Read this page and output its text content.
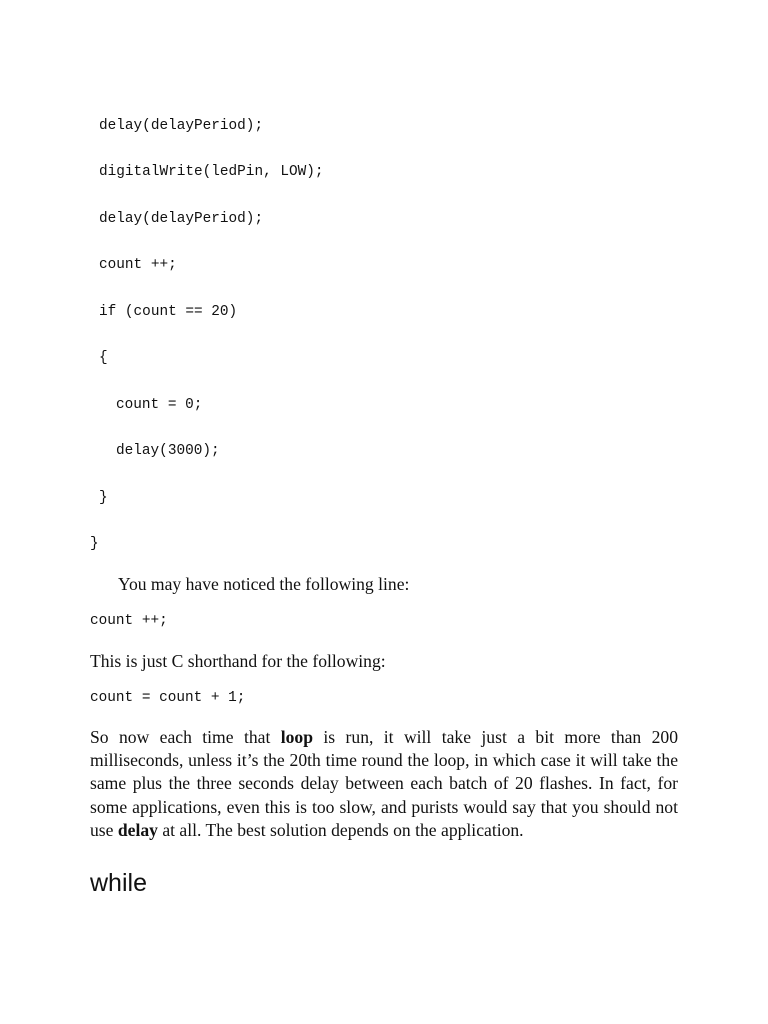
delay(delayPeriod);
digitalWrite(ledPin, LOW);
delay(delayPeriod);
count ++;
if (count == 20)
{
count = 0;
delay(3000);
}
}
You may have noticed the following line:
count ++;
This is just C shorthand for the following:
count = count + 1;
So now each time that loop is run, it will take just a bit more than 200 milliseconds, unless it’s the 20th time round the loop, in which case it will take the same plus the three seconds delay between each batch of 20 flashes. In fact, for some applications, even this is too slow, and purists would say that you should not use delay at all. The best solution depends on the application.
while
